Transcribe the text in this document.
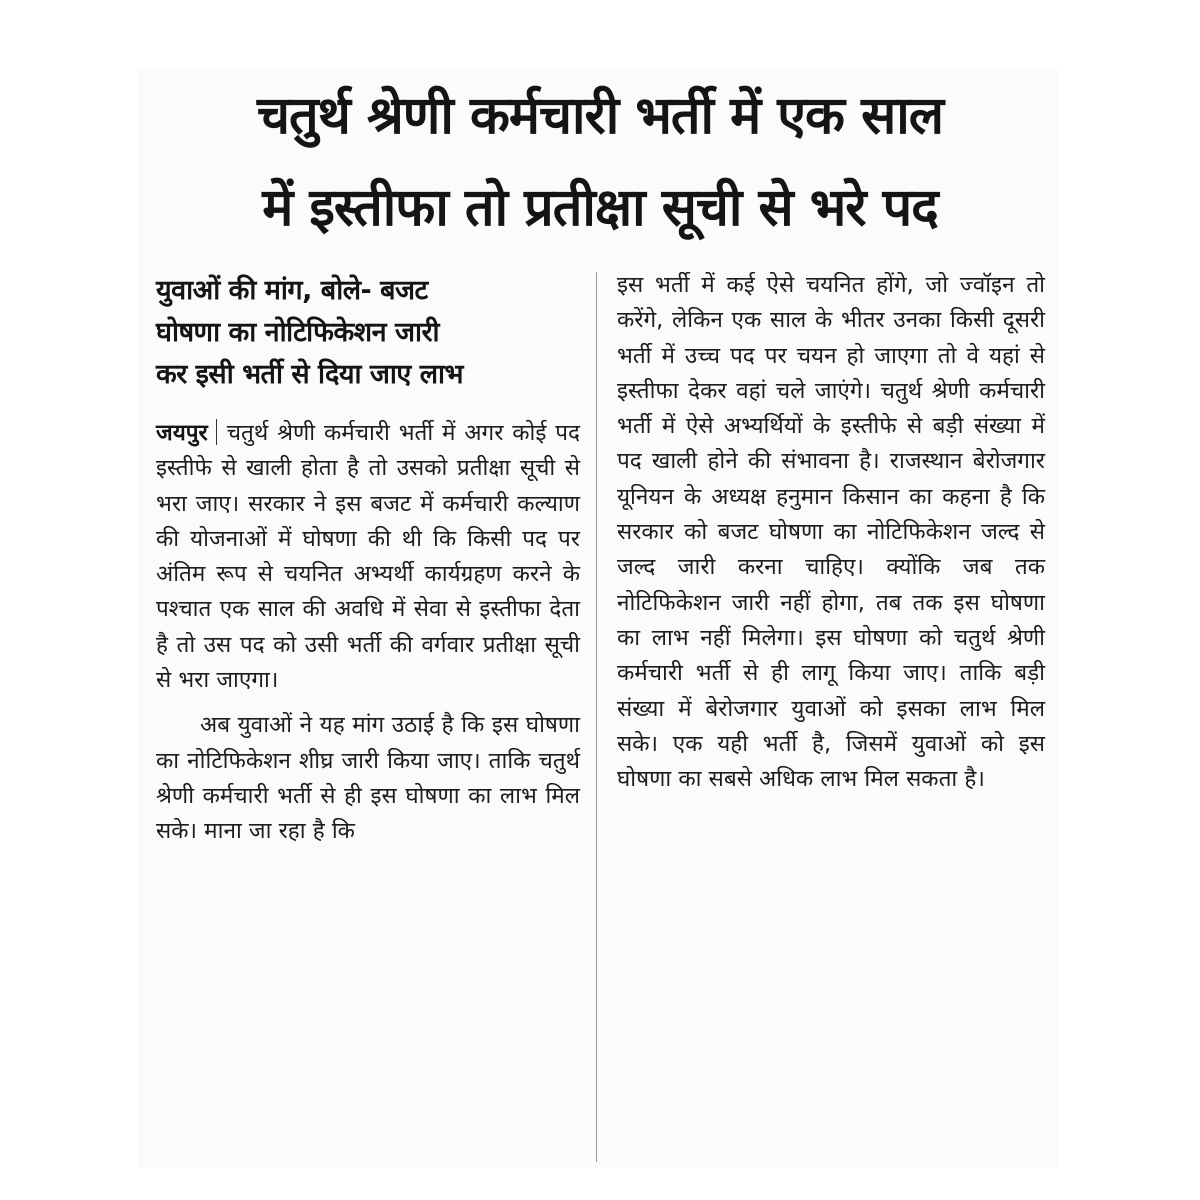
चतुर्थ श्रेणी कर्मचारी भर्ती में एक साल
में इस्तीफा तो प्रतीक्षा सूची से भरे पद
युवाओं की मांग, बोले- बजट
घोषणा का नोटिफिकेशन जारी
कर इसी भर्ती से दिया जाए लाभ

जयपुर चतुर्थ श्रेणी कर्मचारी भर्ती में अगर कोई पद इस्तीफे से खाली होता है तो उसको प्रतीक्षा सूची से भरा जाए। सरकार ने इस बजट में कर्मचारी कल्याण की योजनाओं में घोषणा की थी कि किसी पद पर अंतिम रूप से चयनित अभ्यर्थी कार्यग्रहण करने के पश्चात एक साल की अवधि में सेवा से इस्तीफा देता है तो उस पद को उसी भर्ती की वर्गवार प्रतीक्षा सूची से भरा जाएगा।

अब युवाओं ने यह मांग उठाई है कि इस घोषणा का नोटिफिकेशन शीघ्र जारी किया जाए। ताकि चतुर्थ श्रेणी कर्मचारी भर्ती से ही इस घोषणा का लाभ मिल सके। माना जा रहा है कि

इस भर्ती में कई ऐसे चयनित होंगे, जो ज्वॉइन तो करेंगे, लेकिन एक साल के भीतर उनका किसी दूसरी भर्ती में उच्च पद पर चयन हो जाएगा तो वे यहां से इस्तीफा देकर वहां चले जाएंगे। चतुर्थ श्रेणी कर्मचारी भर्ती में ऐसे अभ्यर्थियों के इस्तीफे से बड़ी संख्या में पद खाली होने की संभावना है। राजस्थान बेरोजगार यूनियन के अध्यक्ष हनुमान किसान का कहना है कि सरकार को बजट घोषणा का नोटिफिकेशन जल्द से जल्द जारी करना चाहिए। क्योंकि जब तक नोटिफिकेशन जारी नहीं होगा, तब तक इस घोषणा का लाभ नहीं मिलेगा। इस घोषणा को चतुर्थ श्रेणी कर्मचारी भर्ती से ही लागू किया जाए। ताकि बड़ी संख्या में बेरोजगार युवाओं को इसका लाभ मिल सके। एक यही भर्ती है, जिसमें युवाओं को इस घोषणा का सबसे अधिक लाभ मिल सकता है।
